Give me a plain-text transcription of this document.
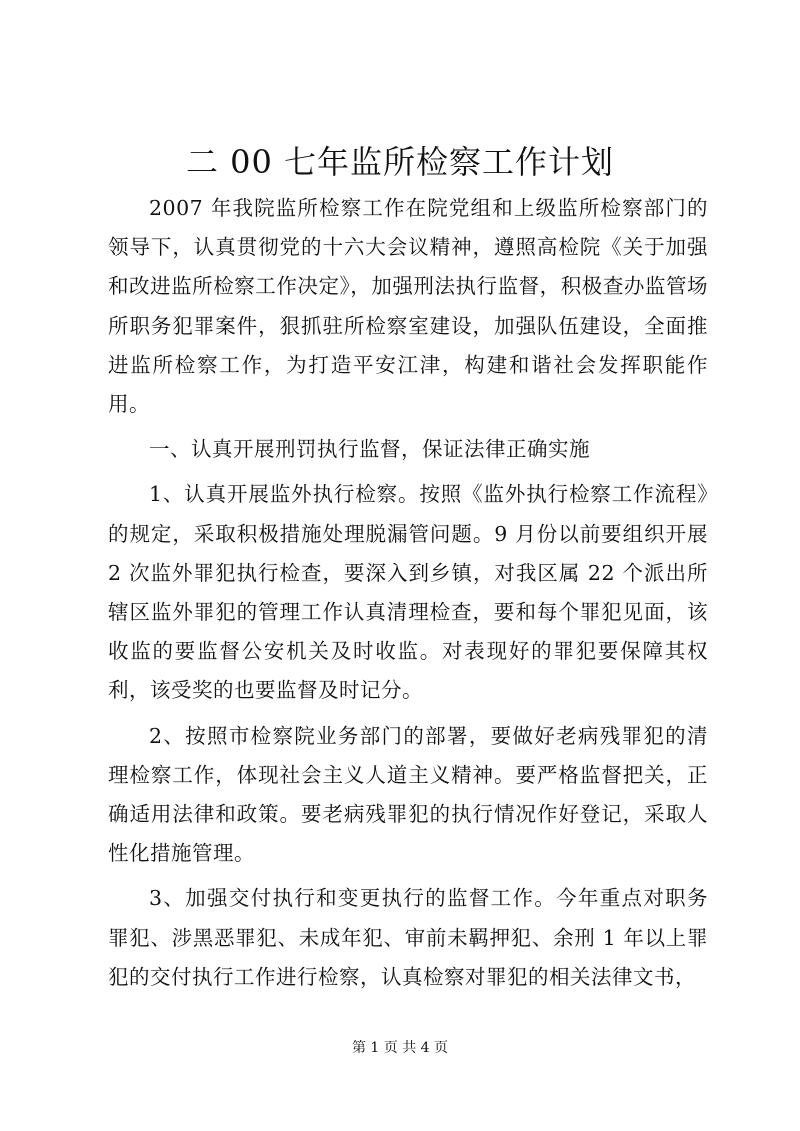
二 00 七年监所检察工作计划

2007 年我院监所检察工作在院党组和上级监所检察部门的领导下，认真贯彻党的十六大会议精神，遵照高检院《关于加强和改进监所检察工作决定》，加强刑法执行监督，积极查办监管场所职务犯罪案件，狠抓驻所检察室建设，加强队伍建设，全面推进监所检察工作，为打造平安江津，构建和谐社会发挥职能作用。

一、认真开展刑罚执行监督，保证法律正确实施

1、认真开展监外执行检察。按照《监外执行检察工作流程》的规定，采取积极措施处理脱漏管问题。9 月份以前要组织开展 2 次监外罪犯执行检查，要深入到乡镇，对我区属 22 个派出所辖区监外罪犯的管理工作认真清理检查，要和每个罪犯见面，该收监的要监督公安机关及时收监。对表现好的罪犯要保障其权利，该受奖的也要监督及时记分。

2、按照市检察院业务部门的部署，要做好老病残罪犯的清理检察工作，体现社会主义人道主义精神。要严格监督把关，正确适用法律和政策。要老病残罪犯的执行情况作好登记，采取人性化措施管理。

3、加强交付执行和变更执行的监督工作。今年重点对职务罪犯、涉黑恶罪犯、未成年犯、审前未羁押犯、余刑 1 年以上罪犯的交付执行工作进行检察，认真检察对罪犯的相关法律文书，

第 1 页 共 4 页
